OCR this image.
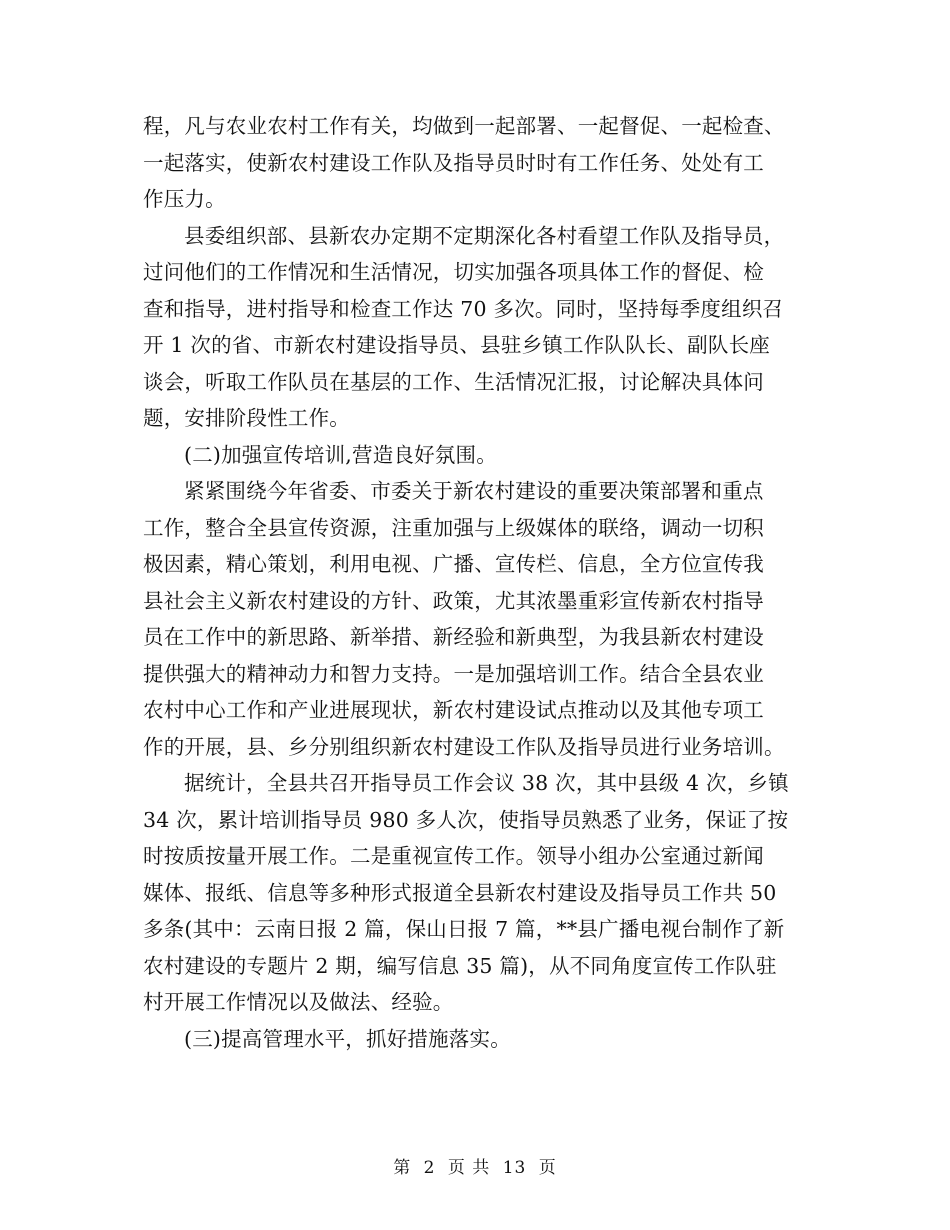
程，凡与农业农村工作有关，均做到一起部署、一起督促、一起检查、
一起落实，使新农村建设工作队及指导员时时有工作任务、处处有工
作压力。

县委组织部、县新农办定期不定期深化各村看望工作队及指导员，
过问他们的工作情况和生活情况，切实加强各项具体工作的督促、检
查和指导，进村指导和检查工作达 70 多次。同时，坚持每季度组织召
开 1 次的省、市新农村建设指导员、县驻乡镇工作队队长、副队长座
谈会，听取工作队员在基层的工作、生活情况汇报，讨论解决具体问
题，安排阶段性工作。

(二)加强宣传培训,营造良好氛围。

紧紧围绕今年省委、市委关于新农村建设的重要决策部署和重点
工作，整合全县宣传资源，注重加强与上级媒体的联络，调动一切积
极因素，精心策划，利用电视、广播、宣传栏、信息，全方位宣传我
县社会主义新农村建设的方针、政策，尤其浓墨重彩宣传新农村指导
员在工作中的新思路、新举措、新经验和新典型，为我县新农村建设
提供强大的精神动力和智力支持。一是加强培训工作。结合全县农业
农村中心工作和产业进展现状，新农村建设试点推动以及其他专项工
作的开展，县、乡分别组织新农村建设工作队及指导员进行业务培训。

据统计，全县共召开指导员工作会议 38 次，其中县级 4 次，乡镇
34 次，累计培训指导员 980 多人次，使指导员熟悉了业务，保证了按
时按质按量开展工作。二是重视宣传工作。领导小组办公室通过新闻
媒体、报纸、信息等多种形式报道全县新农村建设及指导员工作共 50
多条(其中：云南日报 2 篇，保山日报 7 篇，**县广播电视台制作了新
农村建设的专题片 2 期，编写信息 35 篇)，从不同角度宣传工作队驻
村开展工作情况以及做法、经验。

(三)提高管理水平，抓好措施落实。

第 2 页 共 13 页
